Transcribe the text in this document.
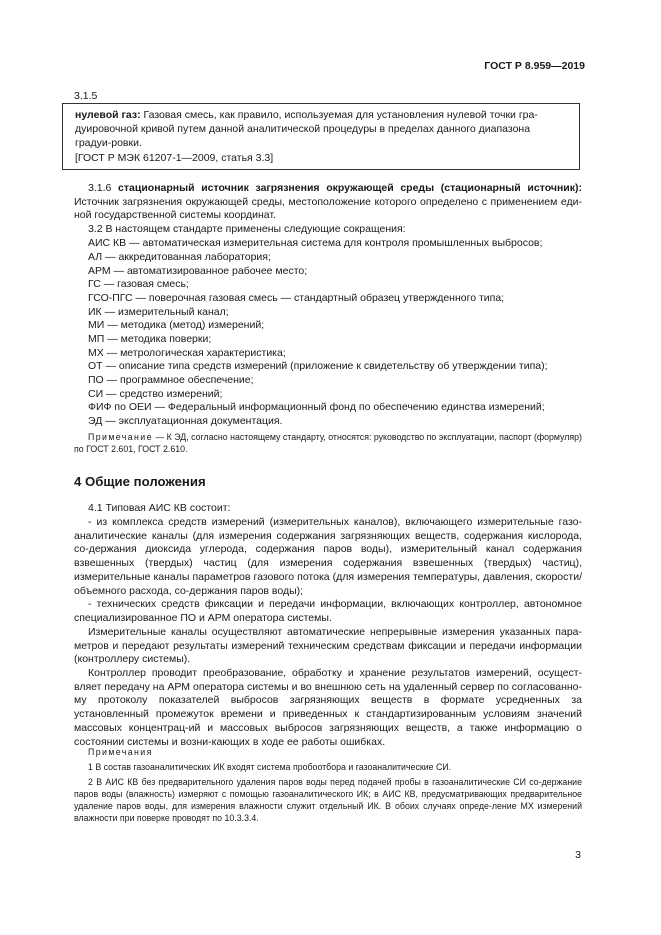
ГОСТ Р 8.959—2019

3.1.5

нулевой газ: Газовая смесь, как правило, используемая для установления нулевой точки гра-

дуировочной кривой путем данной аналитической процедуры в пределах данного диапазона градуи-ровки.

[ГОСТ Р МЭК 61207-1—2009, статья 3.3]

3.1.6 стационарный источник загрязнения окружающей среды (стационарный источник): Источник загрязнения окружающей среды, местоположение которого определено с применением еди-ной государственной системы координат.

3.2 В настоящем стандарте применены следующие сокращения:

АИС КВ — автоматическая измерительная система для контроля промышленных выбросов;

АЛ — аккредитованная лаборатория;

АРМ — автоматизированное рабочее место;

ГС — газовая смесь;

ГСО-ПГС — поверочная газовая смесь — стандартный образец утвержденного типа;

ИК — измерительный канал;

МИ — методика (метод) измерений;

МП — методика поверки;

МХ — метрологическая характеристика;

ОТ — описание типа средств измерений (приложение к свидетельству об утверждении типа);

ПО — программное обеспечение;

СИ — средство измерений;

ФИФ по ОЕИ — Федеральный информационный фонд по обеспечению единства измерений;

ЭД — эксплуатационная документация.

Примечание — К ЭД, согласно настоящему стандарту, относятся: руководство по эксплуатации, паспорт (формуляр) по ГОСТ 2.601, ГОСТ 2.610.

4 Общие положения

4.1 Типовая АИС КВ состоит:

- из комплекса средств измерений (измерительных каналов), включающего измерительные газо-аналитические каналы (для измерения содержания загрязняющих веществ, содержания кислорода, со-держания диоксида углерода, содержания паров воды), измерительный канал содержания взвешенных (твердых) частиц (для измерения содержания взвешенных (твердых) частиц), измерительные каналы параметров газового потока (для измерения температуры, давления, скорости/объемного расхода, со-держания паров воды);

- технических средств фиксации и передачи информации, включающих контроллер, автономное специализированное ПО и АРМ оператора системы.

Измерительные каналы осуществляют автоматические непрерывные измерения указанных пара-метров и передают результаты измерений техническим средствам фиксации и передачи информации (контроллеру системы).

Контроллер проводит преобразование, обработку и хранение результатов измерений, осущест-вляет передачу на АРМ оператора системы и во внешнюю сеть на удаленный сервер по согласованно-му протоколу показателей выбросов загрязняющих веществ в формате усредненных за установленный промежуток времени и приведенных к стандартизированным условиям значений массовых концентрац-ий и массовых выбросов загрязняющих веществ, а также информацию о состоянии системы и возни-кающих в ходе ее работы ошибках.

Примечания

1 В состав газоаналитических ИК входят система пробоотбора и газоаналитические СИ.

2 В АИС КВ без предварительного удаления паров воды перед подачей пробы в газоаналитические СИ со-держание паров воды (влажность) измеряют с помощью газоаналитического ИК; в АИС КВ, предусматривающих предварительное удаление паров воды, для измерения влажности служит отдельный ИК. В обоих случаях опреде-ление МХ измерений влажности при поверке проводят по 10.3.3.4.

3
